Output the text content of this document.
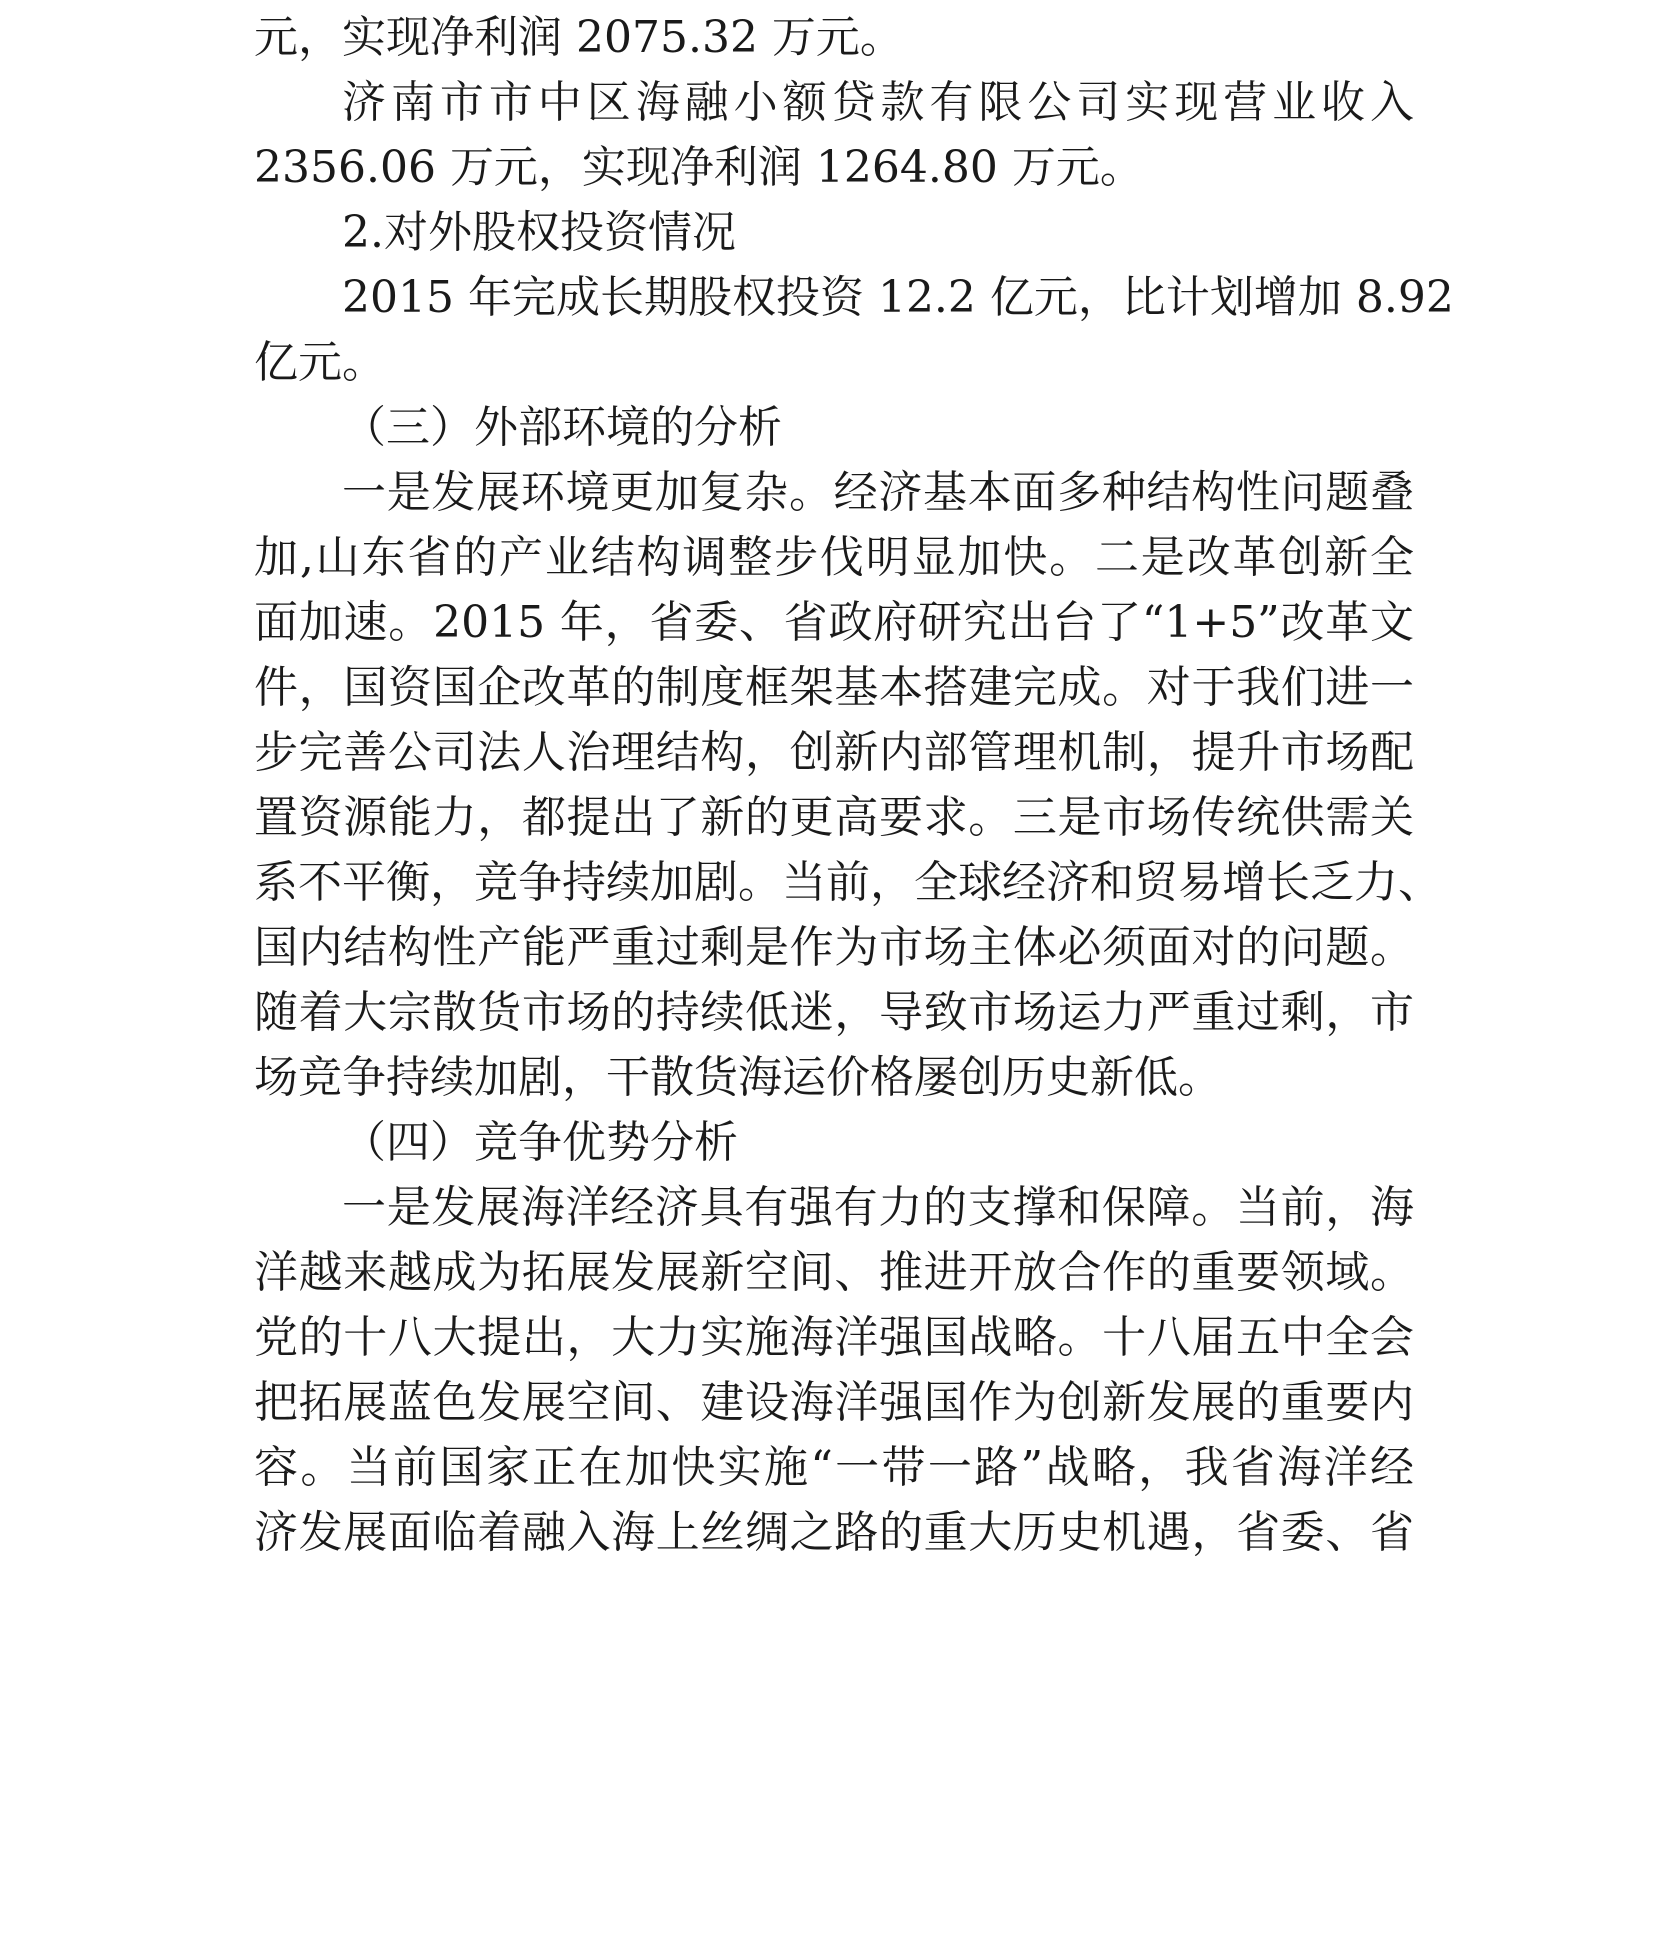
元，实现净利润 2075.32 万元。

济南市市中区海融小额贷款有限公司实现营业收入

2356.06 万元，实现净利润 1264.80 万元。

2.对外股权投资情况

2015 年完成长期股权投资 12.2 亿元，比计划增加 8.92

亿元。

（三）外部环境的分析

一是发展环境更加复杂。经济基本面多种结构性问题叠

加,山东省的产业结构调整步伐明显加快。二是改革创新全

面加速。2015 年，省委、省政府研究出台了“1+5”改革文

件，国资国企改革的制度框架基本搭建完成。对于我们进一

步完善公司法人治理结构，创新内部管理机制，提升市场配

置资源能力，都提出了新的更高要求。三是市场传统供需关

系不平衡，竞争持续加剧。当前，全球经济和贸易增长乏力、

国内结构性产能严重过剩是作为市场主体必须面对的问题。

随着大宗散货市场的持续低迷，导致市场运力严重过剩，市

场竞争持续加剧，干散货海运价格屡创历史新低。

（四）竞争优势分析

一是发展海洋经济具有强有力的支撑和保障。当前，海

洋越来越成为拓展发展新空间、推进开放合作的重要领域。

党的十八大提出，大力实施海洋强国战略。十八届五中全会

把拓展蓝色发展空间、建设海洋强国作为创新发展的重要内

容。当前国家正在加快实施“一带一路”战略，我省海洋经

济发展面临着融入海上丝绸之路的重大历史机遇，省委、省
